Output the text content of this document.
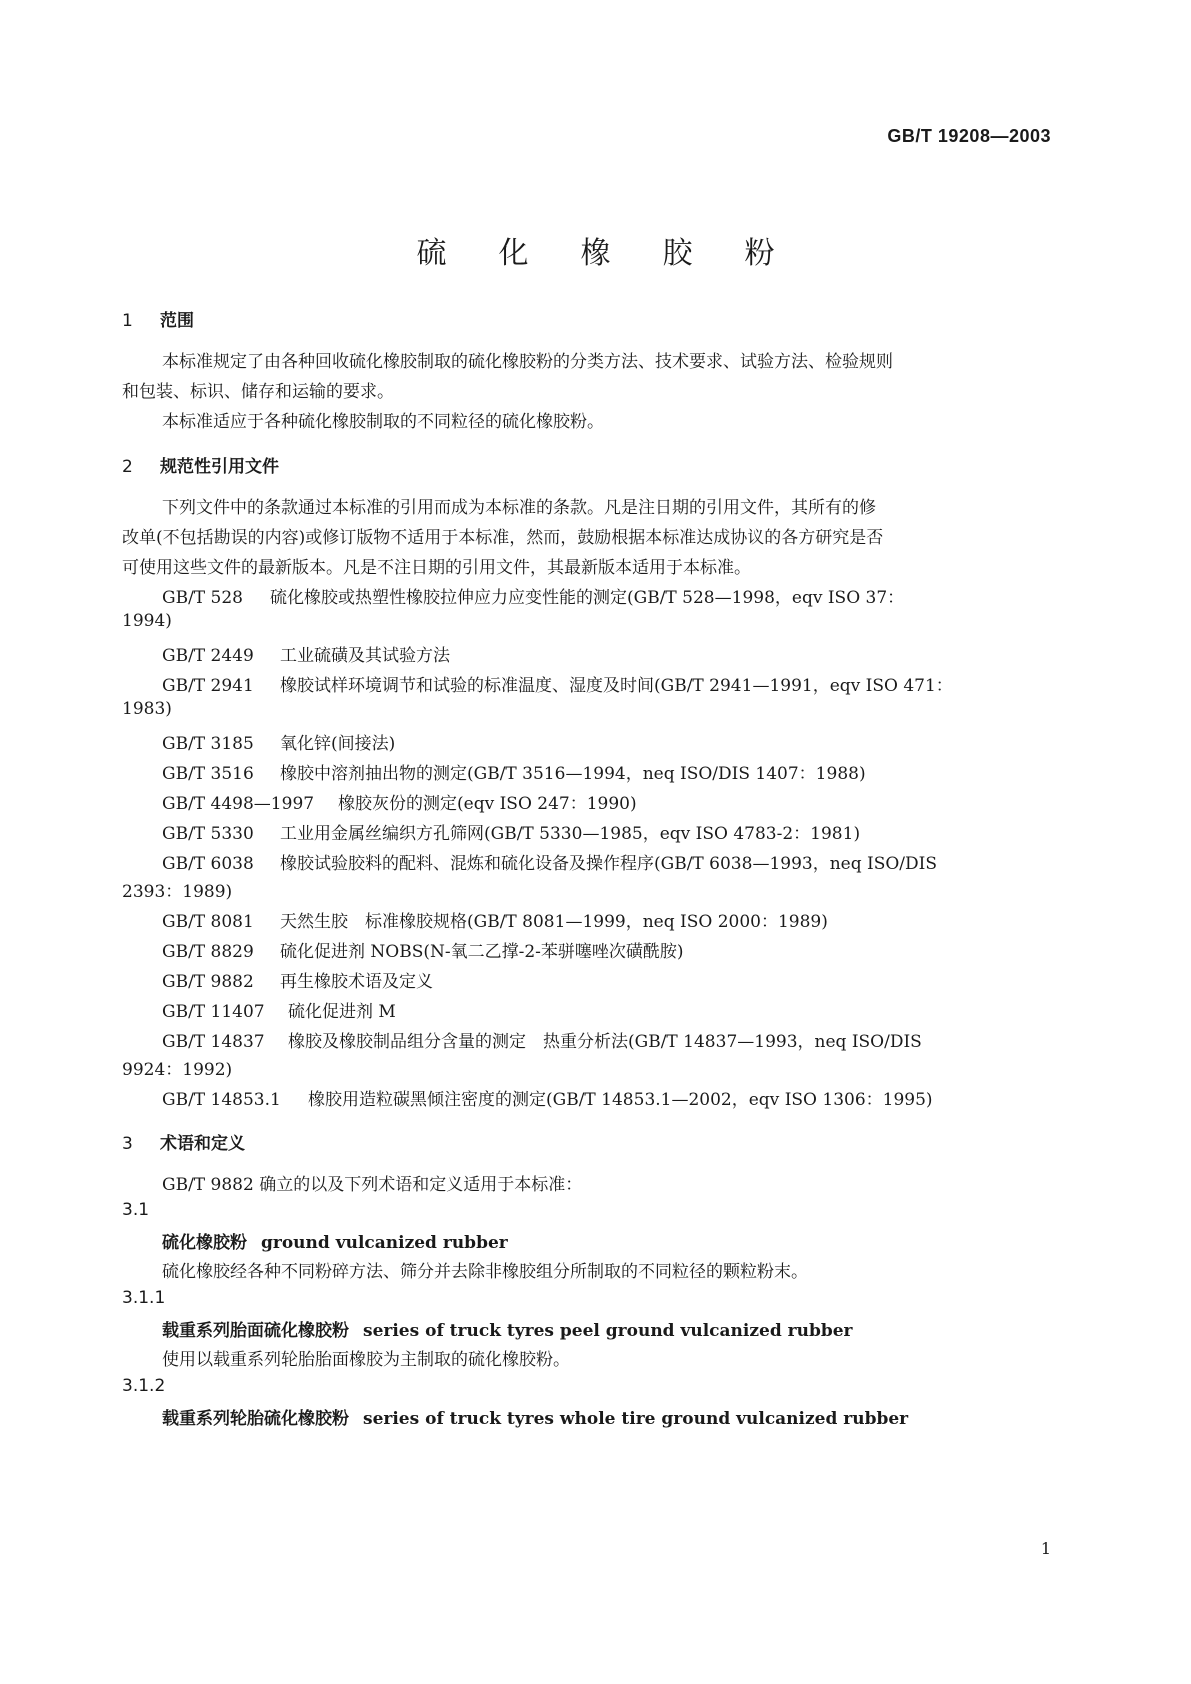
GB/T 19208—2003
硫化橡胶粉
1 范围
本标准规定了由各种回收硫化橡胶制取的硫化橡胶粉的分类方法、技术要求、试验方法、检验规则
和包装、标识、储存和运输的要求。
本标准适应于各种硫化橡胶制取的不同粒径的硫化橡胶粉。
2 规范性引用文件
下列文件中的条款通过本标准的引用而成为本标准的条款。凡是注日期的引用文件，其所有的修
改单(不包括勘误的内容)或修订版物不适用于本标准，然而，鼓励根据本标准达成协议的各方研究是否
可使用这些文件的最新版本。凡是不注日期的引用文件，其最新版本适用于本标准。
GB/T 528 硫化橡胶或热塑性橡胶拉伸应力应变性能的测定(GB/T 528—1998，eqv ISO 37：
1994)
GB/T 2449 工业硫磺及其试验方法
GB/T 2941 橡胶试样环境调节和试验的标准温度、湿度及时间(GB/T 2941—1991，eqv ISO 471：
1983)
GB/T 3185 氧化锌(间接法)
GB/T 3516 橡胶中溶剂抽出物的测定(GB/T 3516—1994，neq ISO/DIS 1407：1988)
GB/T 4498—1997 橡胶灰份的测定(eqv ISO 247：1990)
GB/T 5330 工业用金属丝编织方孔筛网(GB/T 5330—1985，eqv ISO 4783-2：1981)
GB/T 6038 橡胶试验胶料的配料、混炼和硫化设备及操作程序(GB/T 6038—1993，neq ISO/DIS
2393：1989)
GB/T 8081 天然生胶　标准橡胶规格(GB/T 8081—1999，neq ISO 2000：1989)
GB/T 8829 硫化促进剂 NOBS(N-氧二乙撑-2-苯骈噻唑次磺酰胺)
GB/T 9882 再生橡胶术语及定义
GB/T 11407 硫化促进剂 M
GB/T 14837 橡胶及橡胶制品组分含量的测定　热重分析法(GB/T 14837—1993，neq ISO/DIS
9924：1992)
GB/T 14853.1 橡胶用造粒碳黑倾注密度的测定(GB/T 14853.1—2002，eqv ISO 1306：1995)
3 术语和定义
GB/T 9882 确立的以及下列术语和定义适用于本标准：
3.1
硫化橡胶粉 ground vulcanized rubber
硫化橡胶经各种不同粉碎方法、筛分并去除非橡胶组分所制取的不同粒径的颗粒粉末。
3.1.1
载重系列胎面硫化橡胶粉 series of truck tyres peel ground vulcanized rubber
使用以载重系列轮胎胎面橡胶为主制取的硫化橡胶粉。
3.1.2
载重系列轮胎硫化橡胶粉 series of truck tyres whole tire ground vulcanized rubber
1
